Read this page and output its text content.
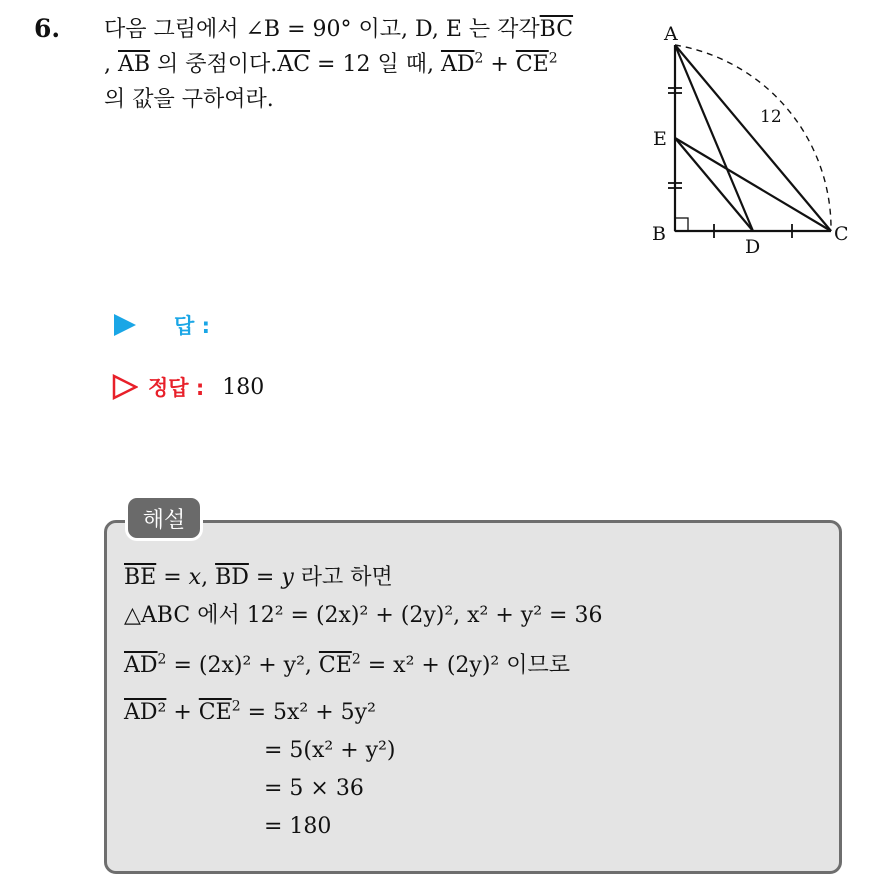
6. 다음 그림에서 ∠B = 90° 이고, D, E 는 각각$\overline{BC}$
, $\overline{AB}$ 의 중점이다$.\overline{AC} = 12$ 일 때, $\overline{AD}^2 + \overline{CE}^2$
의 값을 구하여라.
A
B	C
D
E
12
답 :
정답 : 180
해설
$\overline{BE} = x$, $\overline{BD} = y$ 라고 하면
△ABC 에서 12² = (2x)² + (2y)², x² + y² = 36
$\overline{AD}^2 = (2x)^2 + y^2$, $\overline{CE}^2 = x^2 + (2y)^2$ 이므로
$AD^2 + \overline{CE}^2 = 5x^2 + 5y^2$
= 5(x² + y²)
= 5 × 36
= 180
